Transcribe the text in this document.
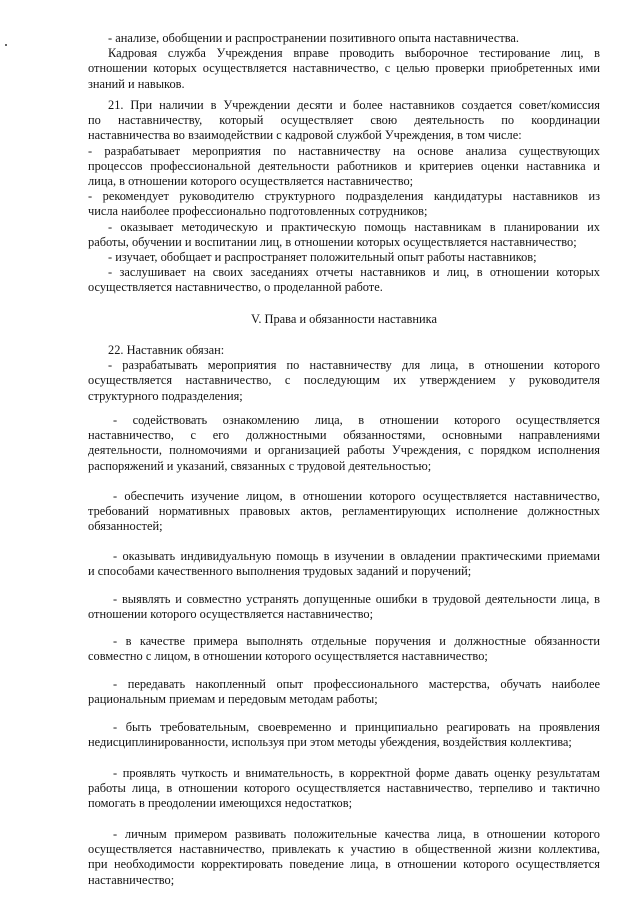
- анализе, обобщении и распространении позитивного опыта наставничества.
Кадровая служба Учреждения вправе проводить выборочное тестирование лиц, в
отношении которых осуществляется наставничество, с целью проверки приобретенных ими
знаний и навыков.
21. При наличии в Учреждении десяти и более наставников создается совет/комиссия
по наставничеству, который осуществляет свою деятельность по координации
наставничества во взаимодействии с кадровой службой Учреждения, в том числе:
- разрабатывает мероприятия по наставничеству на основе анализа существующих
процессов профессиональной деятельности работников и критериев оценки наставника и
лица, в отношении которого осуществляется наставничество;
- рекомендует руководителю структурного подразделения кандидатуры наставников из
числа наиболее профессионально подготовленных сотрудников;
- оказывает методическую и практическую помощь наставникам в планировании их
работы, обучении и воспитании лиц, в отношении которых осуществляется наставничество;
- изучает, обобщает и распространяет положительный опыт работы наставников;
- заслушивает на своих заседаниях отчеты наставников и лиц, в отношении которых
осуществляется наставничество, о проделанной работе.
V. Права и обязанности наставника
22. Наставник обязан:
- разрабатывать мероприятия по наставничеству для лица, в отношении которого
осуществляется наставничество, с последующим их утверждением у руководителя
структурного подразделения;
- содействовать ознакомлению лица, в отношении которого осуществляется
наставничество, с его должностными обязанностями, основными направлениями
деятельности, полномочиями и организацией работы Учреждения, с порядком исполнения
распоряжений и указаний, связанных с трудовой деятельностью;
- обеспечить изучение лицом, в отношении которого осуществляется наставничество,
требований нормативных правовых актов, регламентирующих исполнение должностных
обязанностей;
- оказывать индивидуальную помощь в изучении в овладении практическими приемами
и способами качественного выполнения трудовых заданий и поручений;
- выявлять и совместно устранять допущенные ошибки в трудовой деятельности лица, в
отношении которого осуществляется наставничество;
- в качестве примера выполнять отдельные поручения и должностные обязанности
совместно с лицом, в отношении которого осуществляется наставничество;
- передавать накопленный опыт профессионального мастерства, обучать наиболее
рациональным приемам и передовым методам работы;
- быть требовательным, своевременно и принципиально реагировать на проявления
недисциплинированности, используя при этом методы убеждения, воздействия коллектива;
- проявлять чуткость и внимательность, в корректной форме давать оценку результатам
работы лица, в отношении которого осуществляется наставничество, терпеливо и тактично
помогать в преодолении имеющихся недостатков;
- личным примером развивать положительные качества лица, в отношении которого
осуществляется наставничество, привлекать к участию в общественной жизни коллектива,
при необходимости корректировать поведение лица, в отношении которого осуществляется
наставничество;
